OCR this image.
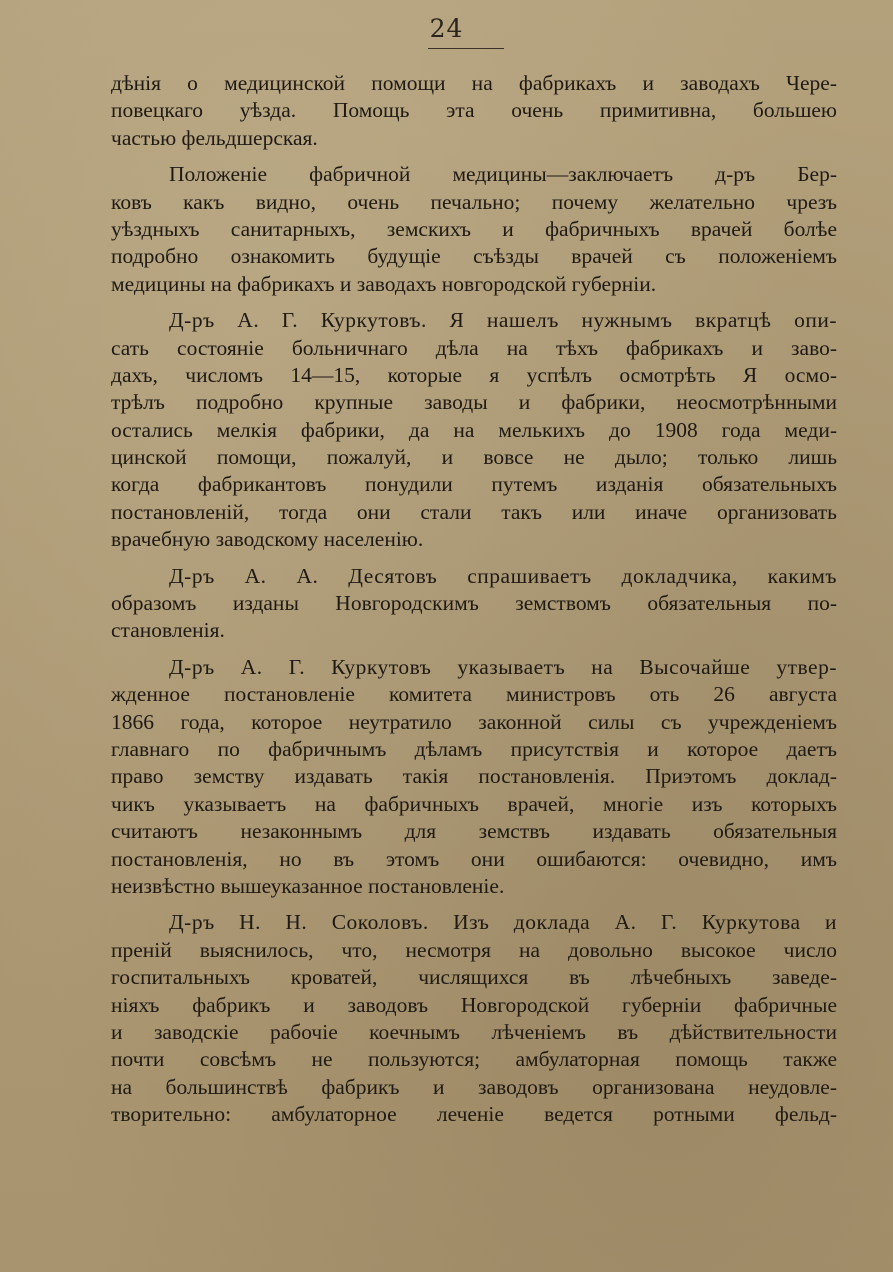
24

дѣнія о медицинской помощи на фабрикахъ и заводахъ Чере-
повецкаго уѣзда. Помощь эта очень примитивна, большею
частью фельдшерская.

Положеніе фабричной медицины—заключаетъ д-ръ Бер-
ковъ какъ видно, очень печально; почему желательно чрезъ
уѣздныхъ санитарныхъ, земскихъ и фабричныхъ врачей болѣе
подробно ознакомить будущіе съѣзды врачей съ положеніемъ
медицины на фабрикахъ и заводахъ новгородской губерніи.

Д-ръ А. Г. Куркутовъ. Я нашелъ нужнымъ вкратцѣ опи-
сать состояніе больничнаго дѣла на тѣхъ фабрикахъ и заво-
дахъ, числомъ 14—15, которые я успѣлъ осмотрѣть Я осмо-
трѣлъ подробно крупные заводы и фабрики, неосмотрѣнными
остались мелкія фабрики, да на мелькихъ до 1908 года меди-
цинской помощи, пожалуй, и вовсе не дыло; только лишь
когда фабрикантовъ понудили путемъ изданія обязательныхъ
постановленій, тогда они стали такъ или иначе организовать
врачебную заводскому населенію.

Д-ръ А. А. Десятовъ спрашиваетъ докладчика, какимъ
образомъ изданы Новгородскимъ земствомъ обязательныя по-
становленія.

Д-ръ А. Г. Куркутовъ указываетъ на Высочайше утвер-
жденное постановленіе комитета министровъ оть 26 августа
1866 года, которое неутратило законной силы съ учрежденіемъ
главнаго по фабричнымъ дѣламъ присутствія и которое даетъ
право земству издавать такія постановленія. Приэтомъ доклад-
чикъ указываетъ на фабричныхъ врачей, многіе изъ которыхъ
считаютъ незаконнымъ для земствъ издавать обязательныя
постановленія, но въ этомъ они ошибаются: очевидно, имъ
неизвѣстно вышеуказанное постановленіе.

Д-ръ Н. Н. Соколовъ. Изъ доклада А. Г. Куркутова и
преній выяснилось, что, несмотря на довольно высокое число
госпитальныхъ кроватей, числящихся въ лѣчебныхъ заведе-
ніяхъ фабрикъ и заводовъ Новгородской губерніи фабричные
и заводскіе рабочіе коечнымъ лѣченіемъ въ дѣйствительности
почти совсѣмъ не пользуются; амбулаторная помощь также
на большинствѣ фабрикъ и заводовъ организована неудовле-
творительно: амбулаторное леченіе ведется ротными фельд-
